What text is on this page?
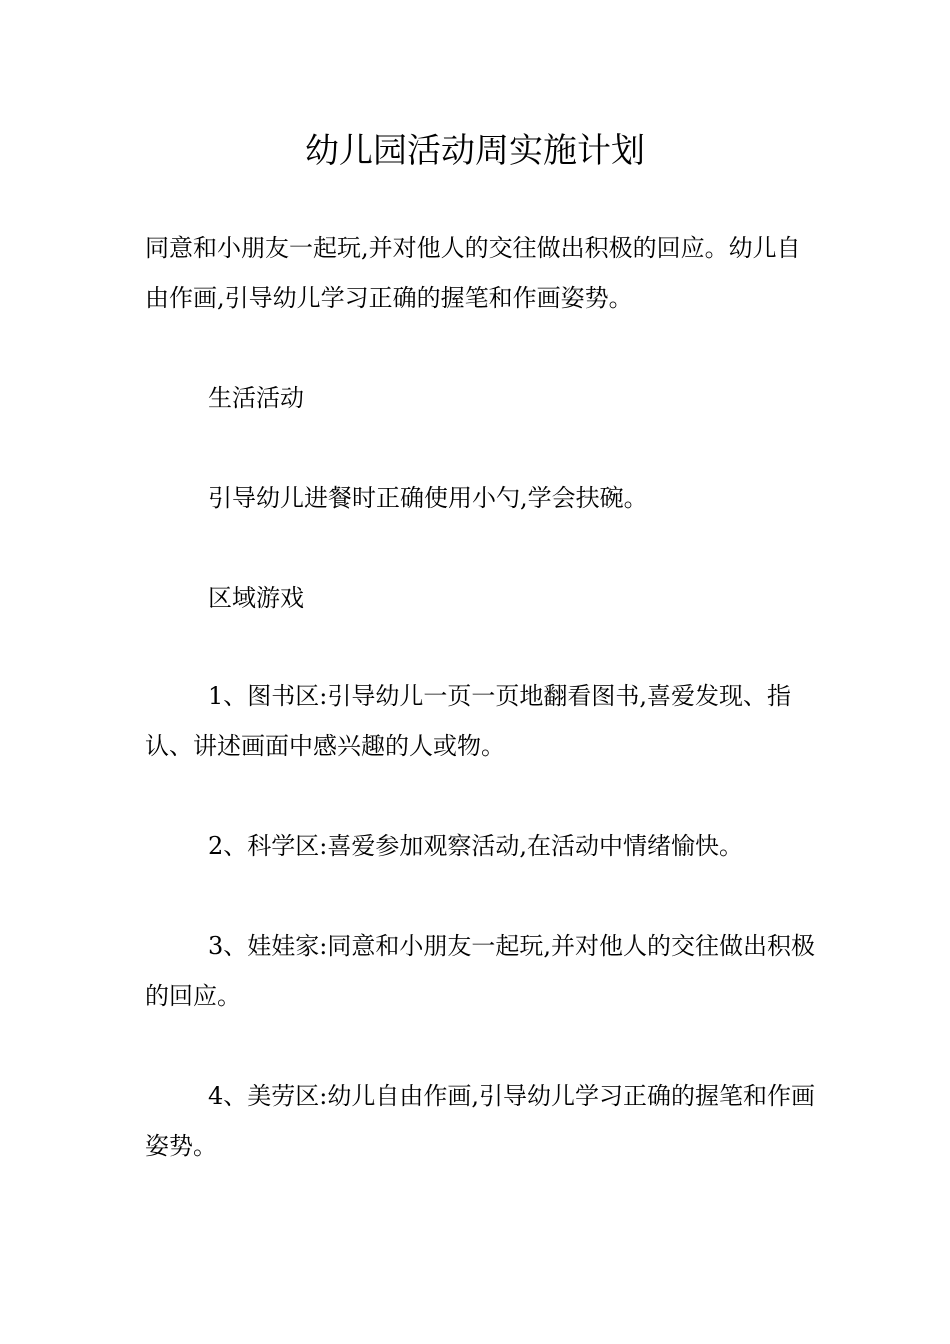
幼儿园活动周实施计划

同意和小朋友一起玩,并对他人的交往做出积极的回应。幼儿自由作画,引导幼儿学习正确的握笔和作画姿势。

生活活动

引导幼儿进餐时正确使用小勺,学会扶碗。

区域游戏

1、图书区:引导幼儿一页一页地翻看图书,喜爱发现、指认、讲述画面中感兴趣的人或物。

2、科学区:喜爱参加观察活动,在活动中情绪愉快。

3、娃娃家:同意和小朋友一起玩,并对他人的交往做出积极的回应。

4、美劳区:幼儿自由作画,引导幼儿学习正确的握笔和作画姿势。
